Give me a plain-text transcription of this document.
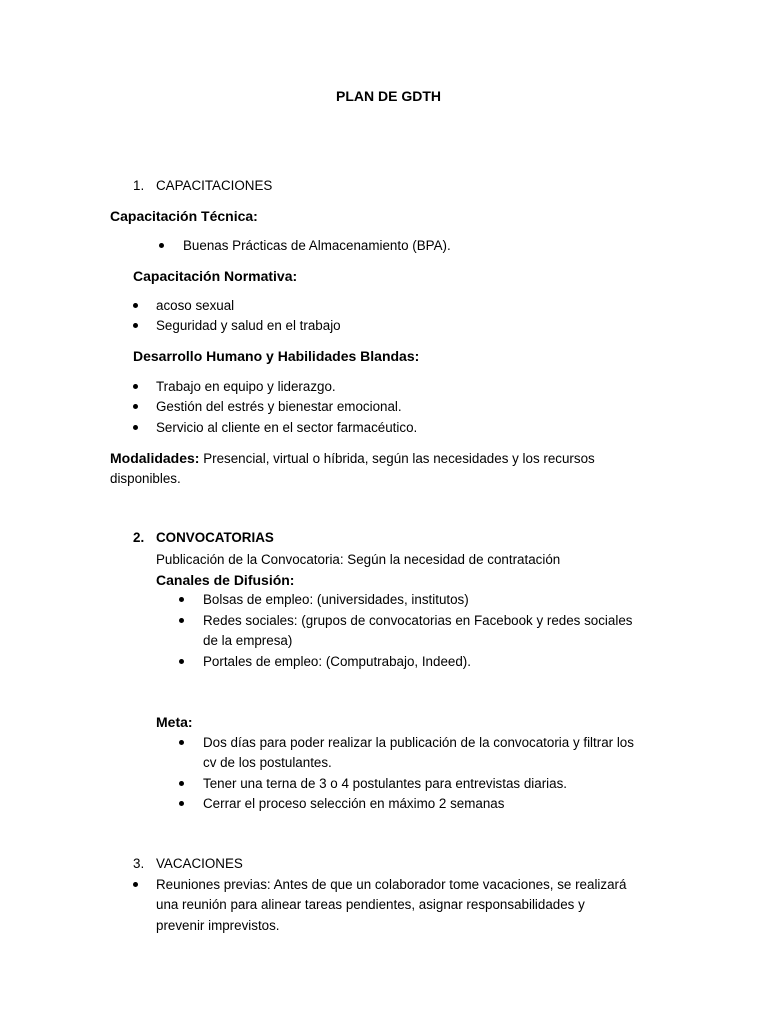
PLAN DE GDTH
1. CAPACITACIONES
Capacitación Técnica:
Buenas Prácticas de Almacenamiento (BPA).
Capacitación Normativa:
acoso sexual
Seguridad y salud en el trabajo
Desarrollo Humano y Habilidades Blandas:
Trabajo en equipo y liderazgo.
Gestión del estrés y bienestar emocional.
Servicio al cliente en el sector farmacéutico.
Modalidades: Presencial, virtual o híbrida, según las necesidades y los recursos
disponibles.
2. CONVOCATORIAS
Publicación de la Convocatoria: Según la necesidad de contratación
Canales de Difusión:
Bolsas de empleo: (universidades, institutos)
Redes sociales: (grupos de convocatorias en Facebook y redes sociales
de la empresa)
Portales de empleo: (Computrabajo, Indeed).
Meta:
Dos días para poder realizar la publicación de la convocatoria y filtrar los
cv de los postulantes.
Tener una terna de 3 o 4 postulantes para entrevistas diarias.
Cerrar el proceso selección en máximo 2 semanas
3. VACACIONES
Reuniones previas: Antes de que un colaborador tome vacaciones, se realizará
una reunión para alinear tareas pendientes, asignar responsabilidades y
prevenir imprevistos.
